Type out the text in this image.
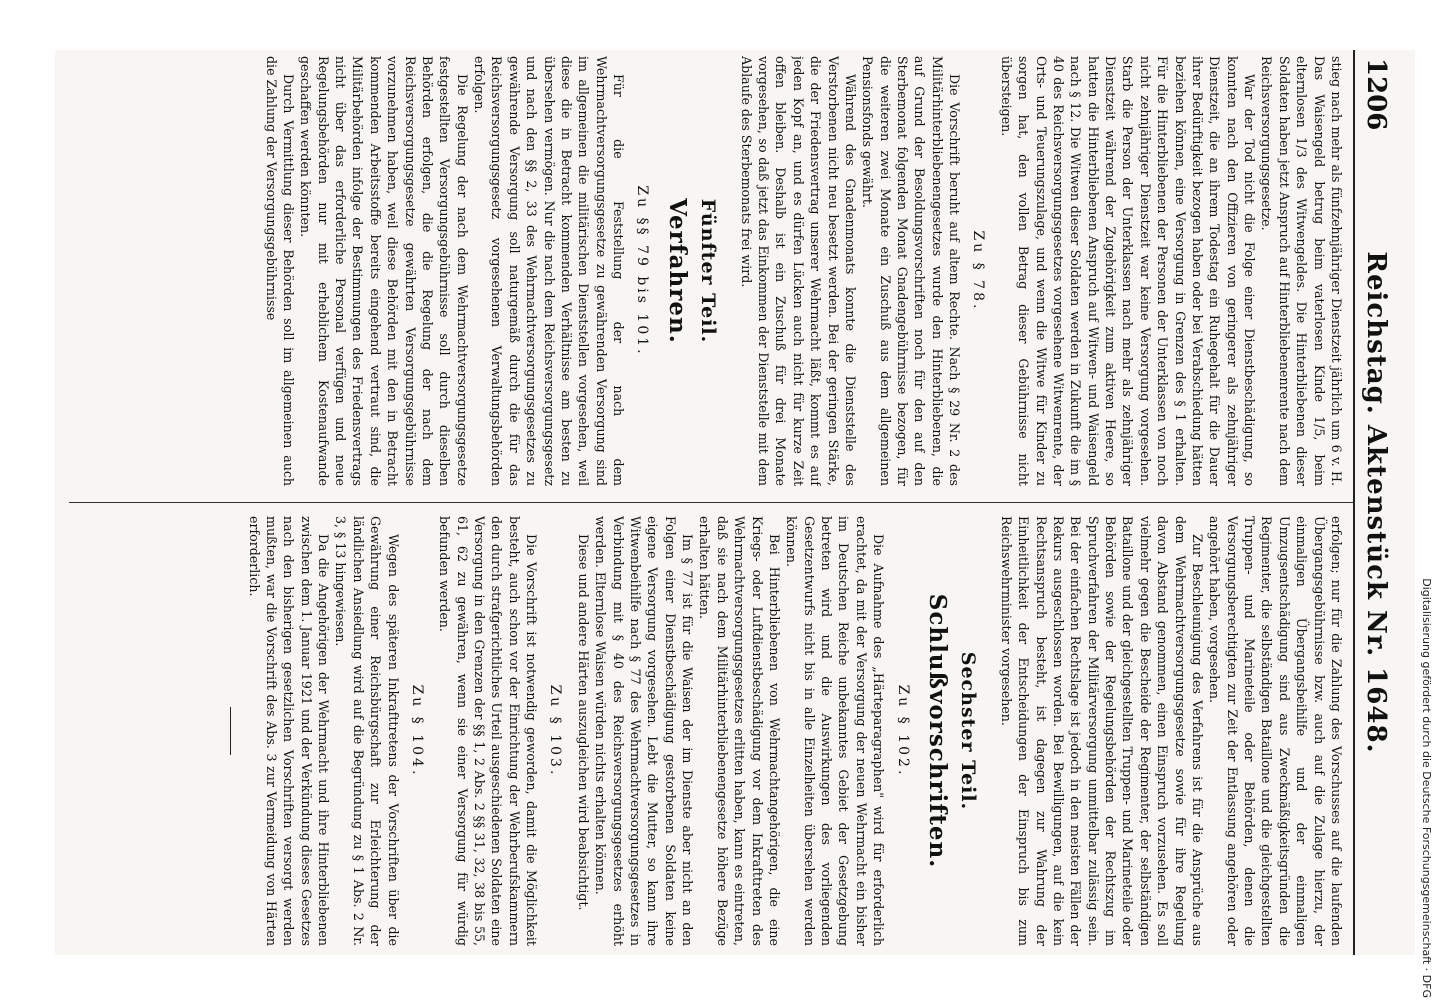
1206
Reichstag. Aktenstück Nr. 1648.

stieg nach mehr als fünfzehnjähriger Dienstzeit jährlich um 6 v. H. Das Waisengeld betrug beim vaterlosen Kinde 1/5, beim elternlosen 1/3 des Witwengeldes. Die Hinterbliebenen dieser Soldaten haben jetzt Anspruch auf Hinterbliebenenrente nach dem Reichsversorgungsgesetze.

War der Tod nicht die Folge einer Dienstbeschädigung, so konnten nach den Offizieren von geringerer als zehnjähriger Dienstzeit, die an ihrem Todestag ein Ruhegehalt für die Dauer ihrer Bedürftigkeit bezogen haben oder bei Verabschiedung hätten beziehen können, eine Versorgung in Grenzen des § 1 erhalten. Für die Hinterbliebenen der Personen der Unterklassen von noch nicht zehnjähriger Dienstzeit war keine Versorgung vorgesehen. Starb die Person der Unterklassen nach mehr als zehnjähriger Dienstzeit während der Zugehörigkeit zum aktiven Heere, so hatten die Hinterbliebenen Anspruch auf Witwen- und Waisengeld nach § 12. Die Witwen dieser Soldaten werden in Zukunft die im § 40 des Reichsversorgungsgesetzes vorgesehene Witwenrente, der Orts- und Teuerungszulage, und wenn die Witwe für Kinder zu sorgen hat, den vollen Betrag dieser Gebührnisse nicht übersteigen.

Zu § 78.

Die Vorschrift beruht auf altem Rechte. Nach § 29 Nr. 2 des Militärhinterbliebenengesetzes wurde den Hinterbliebenen, die auf Grund der Besoldungsvorschriften noch für den auf den Sterbemonat folgenden Monat Gnadengebührnisse bezogen, für die weiteren zwei Monate ein Zuschuß aus dem allgemeinen Pensionsfonds gewährt.

Während des Gnadenmonats konnte die Dienststelle des Verstorbenen nicht neu besetzt werden. Bei der geringen Stärke, die der Friedensvertrag unserer Wehrmacht läßt, kommt es auf jeden Kopf an, und es dürfen Lücken auch nicht für kurze Zeit offen bleiben. Deshalb ist ein Zuschuß für drei Monate vorgesehen, so daß jetzt das Einkommen der Dienststelle mit dem Ablaufe des Sterbemonats frei wird.

Fünfter Teil.
Verfahren.
Zu §§ 79 bis 101.

Für die Feststellung der nach dem Wehrmachtversorgungsgesetze zu gewährenden Versorgung sind im allgemeinen die militärischen Dienststellen vorgesehen, weil diese die in Betracht kommenden Verhältnisse am besten zu übersehen vermögen. Nur die nach dem Reichsversorgungsgesetz und nach den §§ 2, 33 des Wehrmachtversorgungsgesetzes zu gewährende Versorgung soll naturgemäß durch die für das Reichsversorgungsgesetz vorgesehenen Verwaltungsbehörden erfolgen.

Die Regelung der nach dem Wehrmachtversorgungsgesetze festgestellten Versorgungsgebührnisse soll durch dieselben Behörden erfolgen, die die Regelung der nach dem Reichsversorgungsgesetze gewährten Versorgungsgebührnisse vorzunehmen haben, weil diese Behörden mit den in Betracht kommenden Arbeitsstoffe bereits eingehend vertraut sind, die Militärbehörden infolge der Bestimmungen des Friedensvertrags nicht über das erforderliche Personal verfügen und neue Regelungsbehörden nur mit erheblichem Kostenaufwande geschaffen werden könnten.

Durch Vermittlung dieser Behörden soll im allgemeinen auch die Zahlung der Versorgungsgebührnisse

erfolgen; nur für die Zahlung des Vorschusses auf die laufenden Übergangsgebührnisse bzw. auch auf die Zulage hierzu, der einmaligen Übergangsbeihilfe und der einmaligen Umzugsentschädigung sind aus Zweckmäßigkeitsgründen die Regimenter, die selbständigen Bataillone und die gleichgestellten Truppen- und Marineteile oder Behörden, denen die Versorgungsberechtigten zur Zeit der Entlassung angehören oder angehört haben, vorgesehen.

Zur Beschleunigung des Verfahrens ist für die Ansprüche aus dem Wehrmachtversorgungsgesetze sowie für ihre Regelung davon Abstand genommen, einen Einspruch vorzusehen. Es soll vielmehr gegen die Bescheide der Regimenter, der selbständigen Bataillone und der gleichgestellten Truppen- und Marineteile oder Behörden sowie der Regelungsbehörden der Rechtszug im Spruchverfahren der Militärversorgung unmittelbar zulässig sein. Bei der einfachen Rechtslage ist jedoch in den meisten Fällen der Rekurs ausgeschlossen worden. Bei Bewilligungen, auf die kein Rechtsanspruch besteht, ist dagegen zur Wahrung der Einheitlichkeit der Entscheidungen der Einspruch bis zum Reichswehrminister vorgesehen.

Sechster Teil.
Schlußvorschriften.
Zu § 102.

Die Aufnahme des „Härteparagraphen" wird für erforderlich erachtet, da mit der Versorgung der neuen Wehrmacht ein bisher im Deutschen Reiche unbekanntes Gebiet der Gesetzgebung betreten wird und die Auswirkungen des vorliegenden Gesetzentwurfs nicht bis in alle Einzelheiten übersehen werden können.

Bei Hinterbliebenen von Wehrmachtangehörigen, die eine Kriegs- oder Luftdienstbeschädigung vor dem Inkrafttreten des Wehrmachtversorgungsgesetzes erlitten haben, kann es eintreten, daß sie nach dem Militärhinterbliebenengesetze höhere Bezüge erhalten hätten.

Im § 77 ist für die Waisen der im Dienste aber nicht an den Folgen einer Dienstbeschädigung gestorbenen Soldaten keine eigene Versorgung vorgesehen. Lebt die Mutter, so kann ihre Witwenbeihilfe nach § 77 des Wehrmachtversorgungsgesetzes in Verbindung mit § 40 des Reichsversorgungsgesetzes erhöht werden. Elternlose Waisen würden nichts erhalten können.

Diese und andere Härten auszugleichen wird beabsichtigt.

Zu § 103.

Die Vorschrift ist notwendig geworden, damit die Möglichkeit besteht, auch schon vor der Einrichtung der Wehrberufskammern den durch strafgerichtliches Urteil ausgeschiedenen Soldaten eine Versorgung in den Grenzen der §§ 1, 2 Abs. 2 §§ 31, 32, 38 bis 55, 61, 62 zu gewähren, wenn sie einer Versorgung für würdig befunden werden.

Zu § 104.

Wegen des späteren Inkrafttretens der Vorschriften über die Gewährung einer Reichsbürgschaft zur Erleichterung der ländlichen Ansiedlung wird auf die Begründung zu § 1 Abs. 2 Nr. 3, § 13 hingewiesen.

Da die Angehörigen der Wehrmacht und ihre Hinterbliebenen zwischen dem 1. Januar 1921 und der Verkündung dieses Gesetzes nach den bisherigen gesetzlichen Vorschriften versorgt werden mußten, war die Vorschrift des Abs. 3 zur Vermeidung von Härten erforderlich.

Digitalisierung gefördert durch die Deutsche Forschungsgemeinschaft · DFG
